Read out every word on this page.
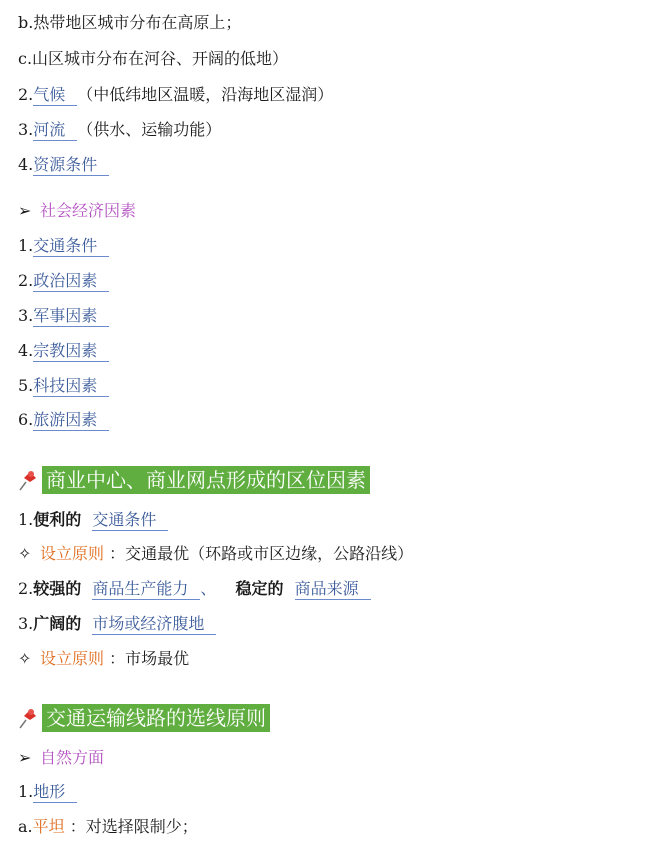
b.热带地区城市分布在高原上；
c.山区城市分布在河谷、开阔的低地）
2.气候 （中低纬地区温暖，沿海地区湿润）
3.河流 （供水、运输功能）
4.资源条件
➢ 社会经济因素
1.交通条件
2.政治因素
3.军事因素
4.宗教因素
5.科技因素
6.旅游因素
商业中心、商业网点形成的区位因素
1.便利的 交通条件
✧ 设立原则 ：交通最优（环路或市区边缘，公路沿线）
2.较强的 商品生产能力 、 稳定的 商品来源
3.广阔的 市场或经济腹地
✧ 设立原则 ：市场最优
交通运输线路的选线原则
➢ 自然方面
1.地形
a.平坦 ：对选择限制少；
